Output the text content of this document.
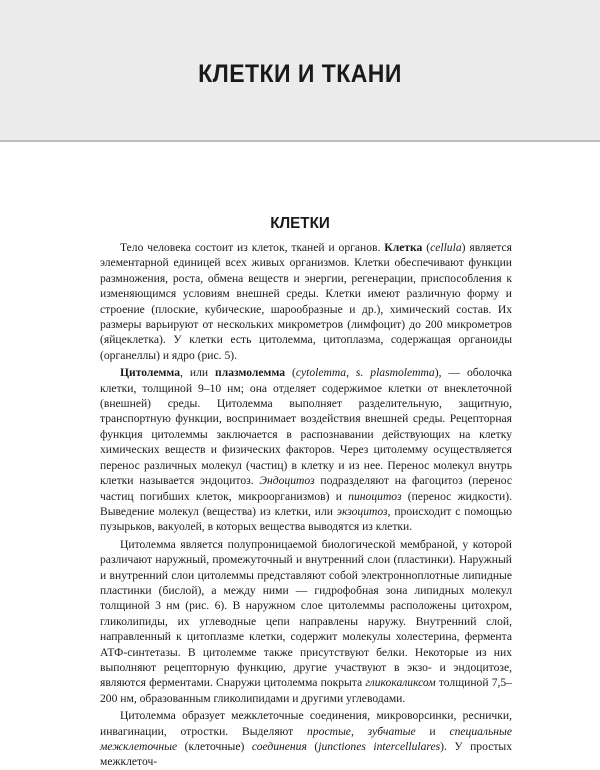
КЛЕТКИ И ТКАНИ
КЛЕТКИ

Тело человека состоит из клеток, тканей и органов. Клетка (cellula) является элементарной единицей всех живых организмов. Клетки обеспечивают функции размножения, роста, обмена веществ и энергии, регенерации, приспособления к изменяющимся условиям внешней среды. Клетки имеют различную форму и строение (плоские, кубические, шарообразные и др.), химический состав. Их размеры варьируют от нескольких микрометров (лимфоцит) до 200 микрометров (яйцеклетка). У клетки есть цитолемма, цитоплазма, содержащая органоиды (органеллы) и ядро (рис. 5).

Цитолемма, или плазмолемма (cytolemma, s. plasmolemma), — оболочка клетки, толщиной 9–10 нм; она отделяет содержимое клетки от внеклеточной (внешней) среды. Цитолемма выполняет разделительную, защитную, транспортную функции, воспринимает воздействия внешней среды. Рецепторная функция цитолеммы заключается в распознавании действующих на клетку химических веществ и физических факторов. Через цитолемму осуществляется перенос различных молекул (частиц) в клетку и из нее. Перенос молекул внутрь клетки называется эндоцитоз. Эндоцитоз подразделяют на фагоцитоз (перенос частиц погибших клеток, микроорганизмов) и пиноцитоз (перенос жидкости). Выведение молекул (вещества) из клетки, или экзоцитоз, происходит с помощью пузырьков, вакуолей, в которых вещества выводятся из клетки.

Цитолемма является полупроницаемой биологической мембраной, у которой различают наружный, промежуточный и внутренний слои (пластинки). Наружный и внутренний слои цитолеммы представляют собой электронноплотные липидные пластинки (бислой), а между ними — гидрофобная зона липидных молекул толщиной 3 нм (рис. 6). В наружном слое цитолеммы расположены цитохром, гликолипиды, их углеводные цепи направлены наружу. Внутренний слой, направленный к цитоплазме клетки, содержит молекулы холестерина, фермента АТФ-синтетазы. В цитолемме также присутствуют белки. Некоторые из них выполняют рецепторную функцию, другие участвуют в экзо- и эндоцитозе, являются ферментами. Снаружи цитолемма покрыта гликокаликсом толщиной 7,5–200 нм, образованным гликолипидами и другими углеводами.

Цитолемма образует межклеточные соединения, микроворсинки, реснички, инвагинации, отростки. Выделяют простые, зубчатые и специальные межклеточные (клеточные) соединения (junctiones intercellulares). У простых межклеточ-
